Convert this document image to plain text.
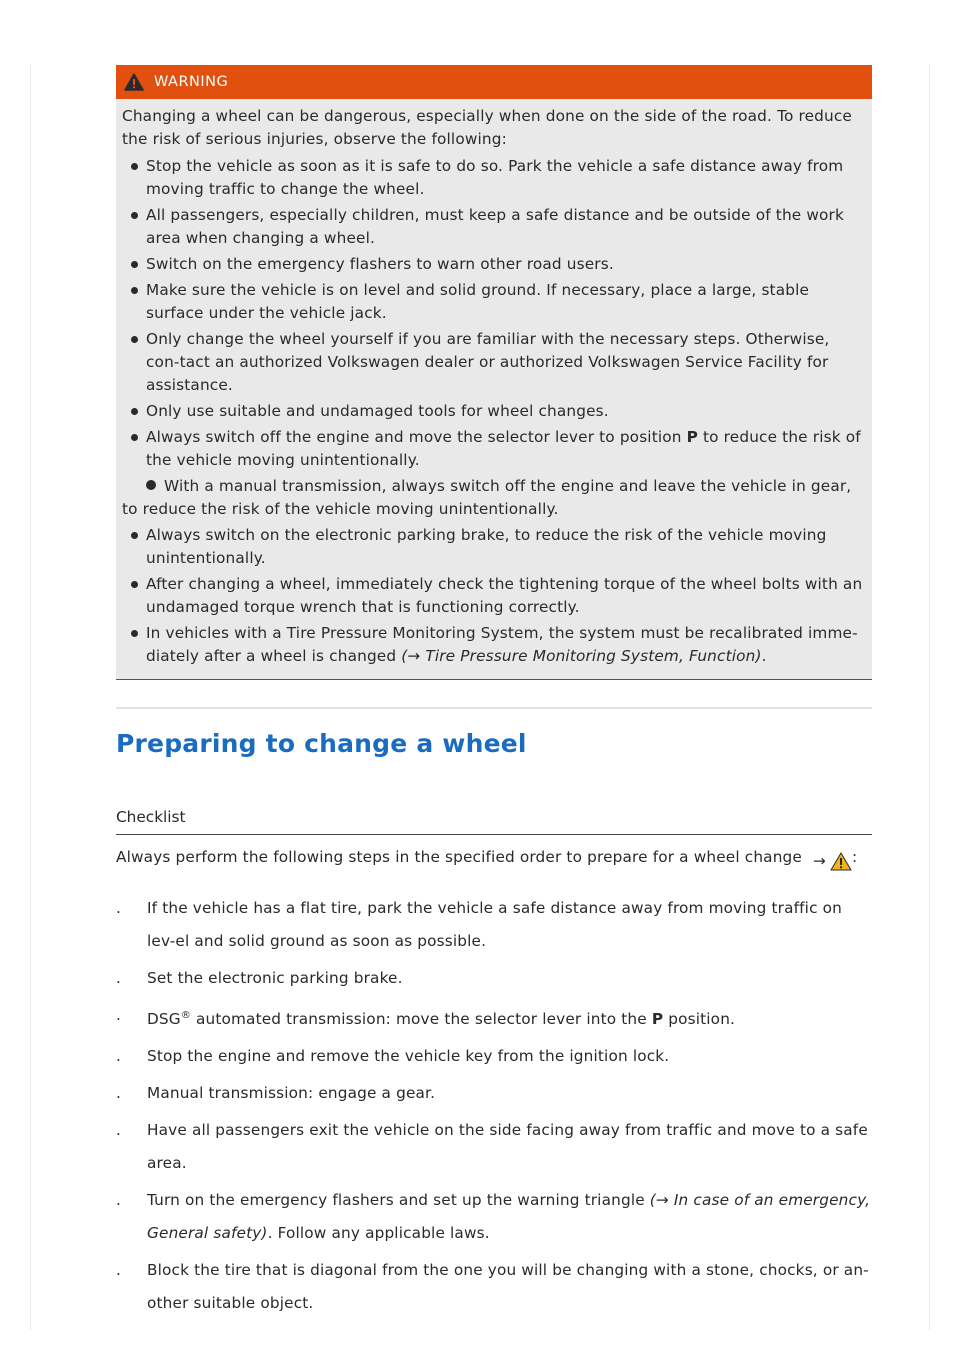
WARNING

Changing a wheel can be dangerous, especially when done on the side of the road. To reduce the risk of serious injuries, observe the following:

Stop the vehicle as soon as it is safe to do so. Park the vehicle a safe distance away from moving traffic to change the wheel.
All passengers, especially children, must keep a safe distance and be outside of the work area when changing a wheel.
Switch on the emergency flashers to warn other road users.
Make sure the vehicle is on level and solid ground. If necessary, place a large, stable surface under the vehicle jack.
Only change the wheel yourself if you are familiar with the necessary steps. Otherwise, con-tact an authorized Volkswagen dealer or authorized Volkswagen Service Facility for assistance.
Only use suitable and undamaged tools for wheel changes.
Always switch off the engine and move the selector lever to position P to reduce the risk of the vehicle moving unintentionally.
With a manual transmission, always switch off the engine and leave the vehicle in gear, to reduce the risk of the vehicle moving unintentionally.
Always switch on the electronic parking brake, to reduce the risk of the vehicle moving unintentionally.
After changing a wheel, immediately check the tightening torque of the wheel bolts with an undamaged torque wrench that is functioning correctly.
In vehicles with a Tire Pressure Monitoring System, the system must be recalibrated imme-diately after a wheel is changed (→ Tire Pressure Monitoring System, Function).
Preparing to change a wheel
Checklist
Always perform the following steps in the specified order to prepare for a wheel change → :
. If the vehicle has a flat tire, park the vehicle a safe distance away from moving traffic on lev-el and solid ground as soon as possible.
. Set the electronic parking brake.
. DSG® automated transmission: move the selector lever into the P position.
. Stop the engine and remove the vehicle key from the ignition lock.
. Manual transmission: engage a gear.
. Have all passengers exit the vehicle on the side facing away from traffic and move to a safe area.
. Turn on the emergency flashers and set up the warning triangle (→ In case of an emergency, General safety). Follow any applicable laws.
. Block the tire that is diagonal from the one you will be changing with a stone, chocks, or an-other suitable object.
